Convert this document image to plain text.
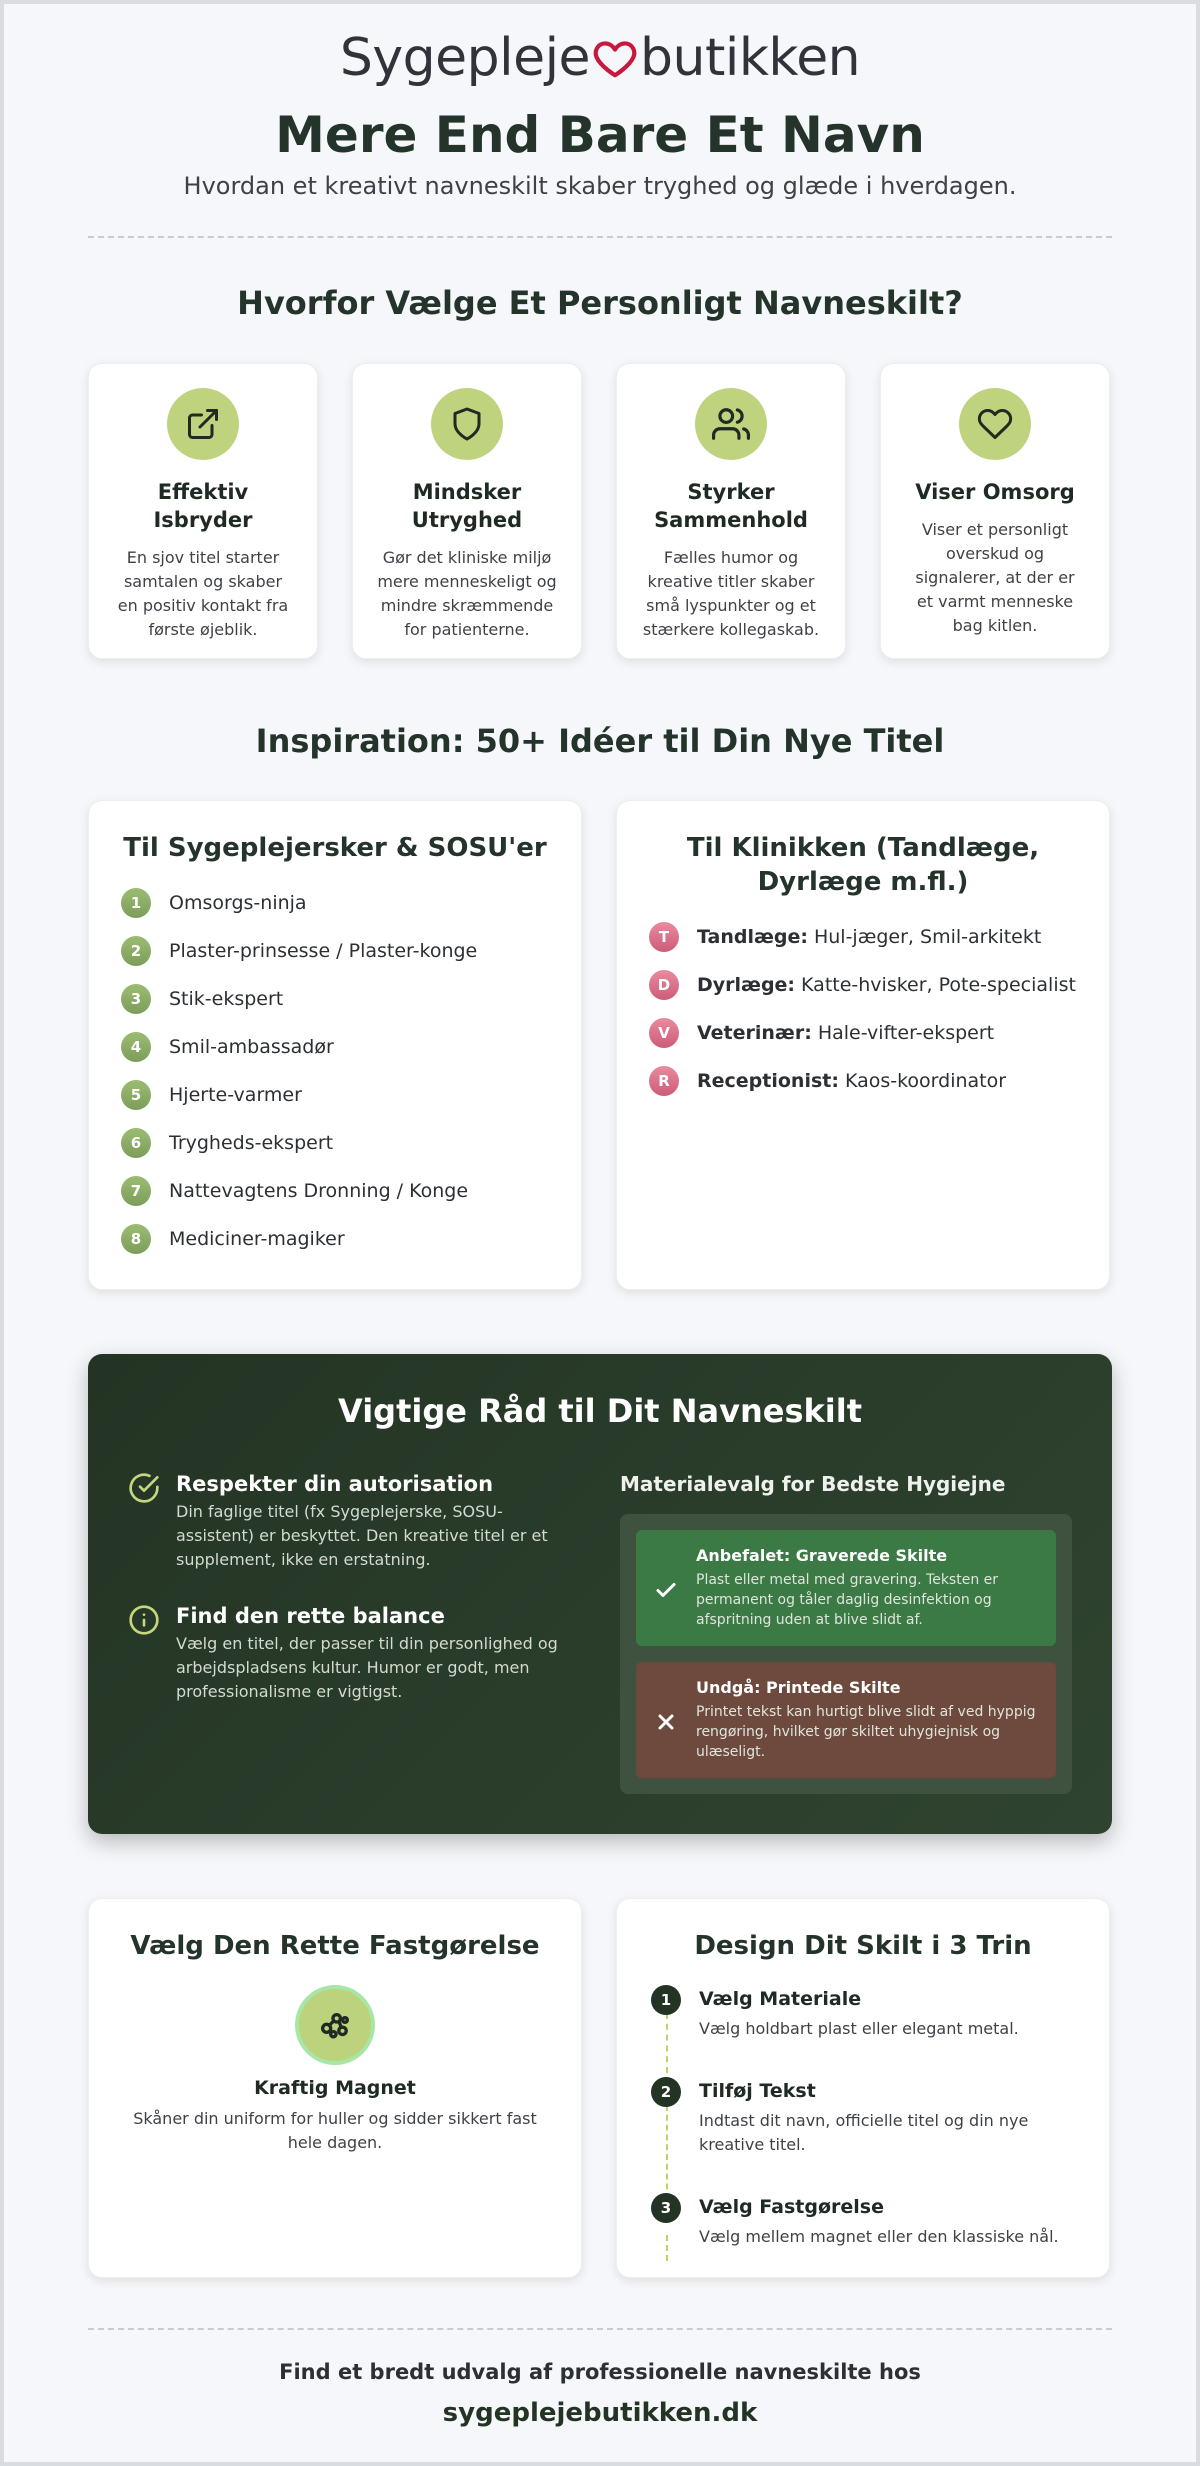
Sygepleje butikken
Mere End Bare Et Navn
Hvordan et kreativt navneskilt skaber tryghed og glæde i hverdagen.
Hvorfor Vælge Et Personligt Navneskilt?
Effektiv Isbryder

En sjov titel starter samtalen og skaber en positiv kontakt fra første øjeblik.

Mindsker Utryghed

Gør det kliniske miljø mere menneskeligt og mindre skræmmende for patienterne.

Styrker Sammenhold

Fælles humor og kreative titler skaber små lyspunkter og et stærkere kollegaskab.

Viser Omsorg

Viser et personligt overskud og signalerer, at der er et varmt menneske bag kitlen.

Inspiration: 50+ Idéer til Din Nye Titel
Til Sygeplejersker & SOSU'er
1	Omsorgs-ninja
2	Plaster-prinsesse / Plaster-konge
3	Stik-ekspert
4	Smil-ambassadør
5	Hjerte-varmer
6	Trygheds-ekspert
7	Nattevagtens Dronning / Konge
8	Mediciner-magiker
Til Klinikken (Tandlæge, Dyrlæge m.fl.)
T	Tandlæge: Hul-jæger, Smil-arkitekt
D	Dyrlæge: Katte-hvisker, Pote-specialist
V	Veterinær: Hale-vifter-ekspert
R	Receptionist: Kaos-koordinator
Vigtige Råd til Dit Navneskilt
Respekter din autorisation

Din faglige titel (fx Sygeplejerske, SOSU-assistent) er beskyttet. Den kreative titel er et supplement, ikke en erstatning.

Find den rette balance

Vælg en titel, der passer til din personlighed og arbejdspladsens kultur. Humor er godt, men professionalisme er vigtigst.

Materialevalg for Bedste Hygiejne
Anbefalet: Graverede Skilte

Plast eller metal med gravering. Teksten er permanent og tåler daglig desinfektion og afspritning uden at blive slidt af.

Undgå: Printede Skilte

Printet tekst kan hurtigt blive slidt af ved hyppig rengøring, hvilket gør skiltet uhygiejnisk og ulæseligt.

Vælg Den Rette Fastgørelse
Kraftig Magnet
Skåner din uniform for huller og sidder sikkert fast hele dagen.
Design Dit Skilt i 3 Trin
1	Vælg Materiale

Vælg holdbart plast eller elegant metal.

2	Tilføj Tekst

Indtast dit navn, officielle titel og din nye kreative titel.

3	Vælg Fastgørelse

Vælg mellem magnet eller den klassiske nål.

Find et bredt udvalg af professionelle navneskilte hos
sygeplejebutikken.dk
